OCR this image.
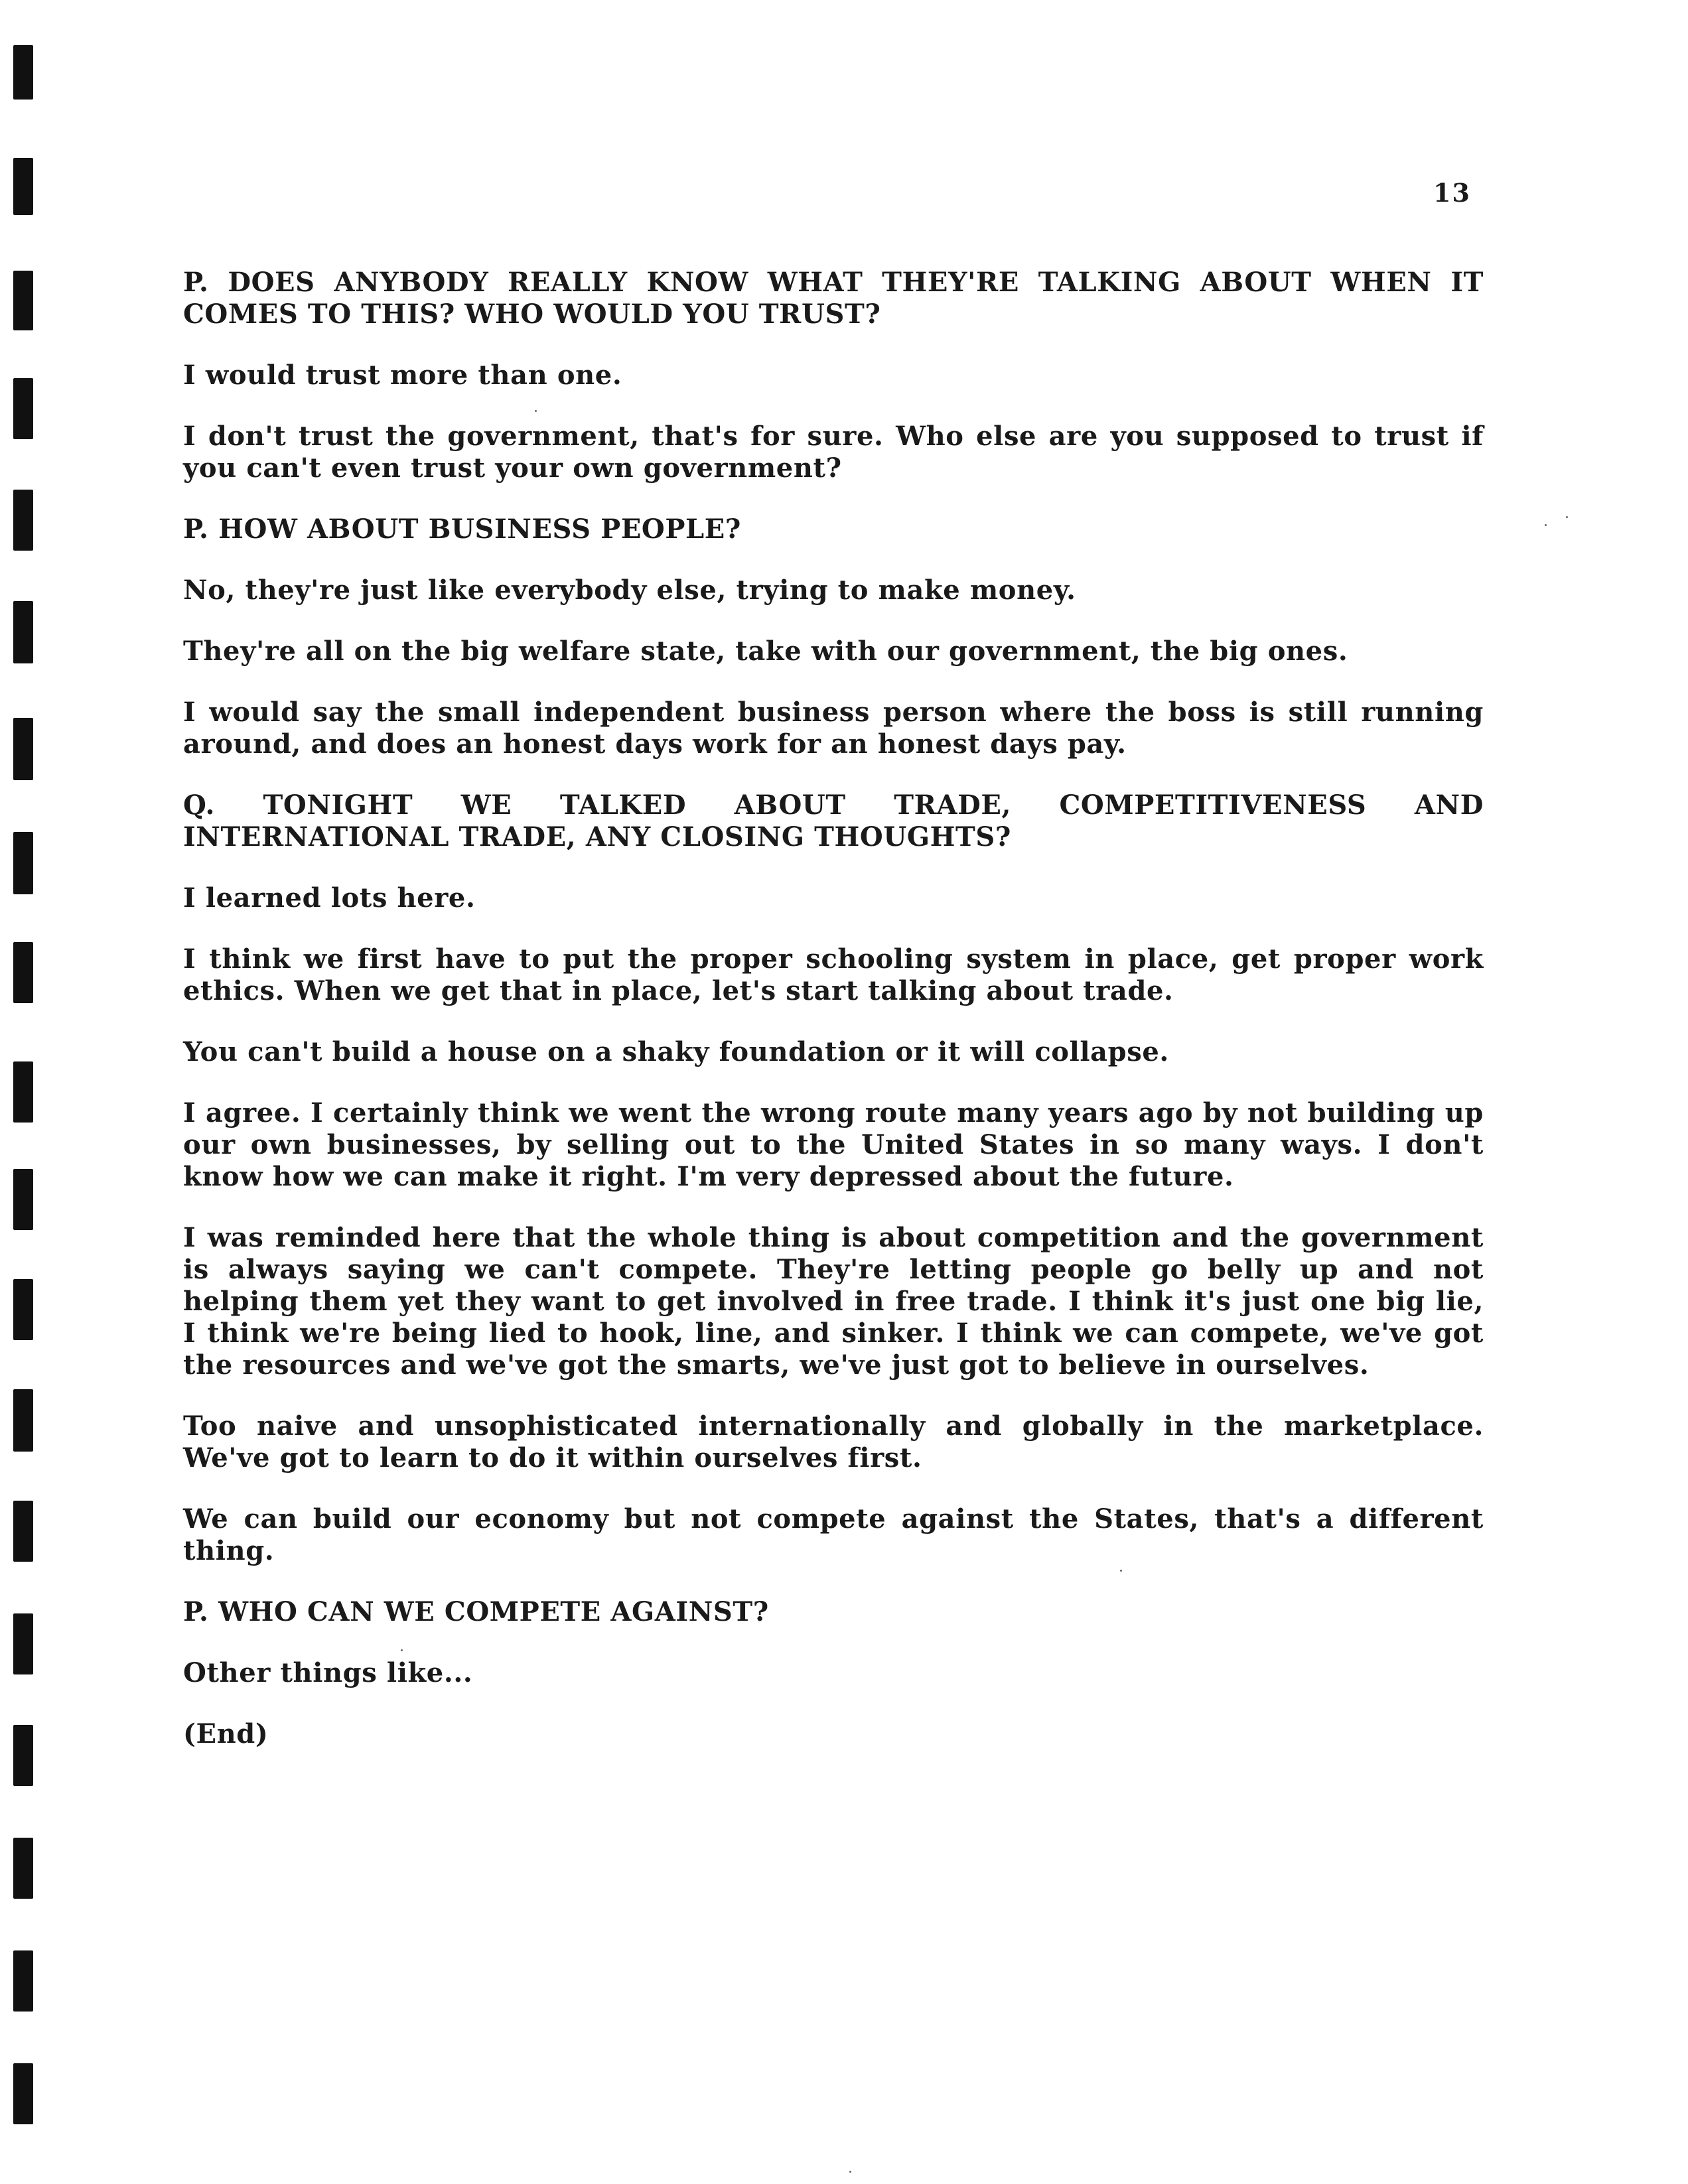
13

P. DOES ANYBODY REALLY KNOW WHAT THEY'RE TALKING ABOUT WHEN IT COMES TO THIS? WHO WOULD YOU TRUST?

I would trust more than one.

I don't trust the government, that's for sure. Who else are you supposed to trust if you can't even trust your own government?

P. HOW ABOUT BUSINESS PEOPLE?

No, they're just like everybody else, trying to make money.

They're all on the big welfare state, take with our government, the big ones.

I would say the small independent business person where the boss is still running around, and does an honest days work for an honest days pay.

Q. TONIGHT WE TALKED ABOUT TRADE, COMPETITIVENESS AND INTERNATIONAL TRADE, ANY CLOSING THOUGHTS?

I learned lots here.

I think we first have to put the proper schooling system in place, get proper work ethics. When we get that in place, let's start talking about trade.

You can't build a house on a shaky foundation or it will collapse.

I agree. I certainly think we went the wrong route many years ago by not building up our own businesses, by selling out to the United States in so many ways. I don't know how we can make it right. I'm very depressed about the future.

I was reminded here that the whole thing is about competition and the government is always saying we can't compete. They're letting people go belly up and not helping them yet they want to get involved in free trade. I think it's just one big lie, I think we're being lied to hook, line, and sinker. I think we can compete, we've got the resources and we've got the smarts, we've just got to believe in ourselves.

Too naive and unsophisticated internationally and globally in the marketplace. We've got to learn to do it within ourselves first.

We can build our economy but not compete against the States, that's a different thing.

P. WHO CAN WE COMPETE AGAINST?

Other things like...

(End)
